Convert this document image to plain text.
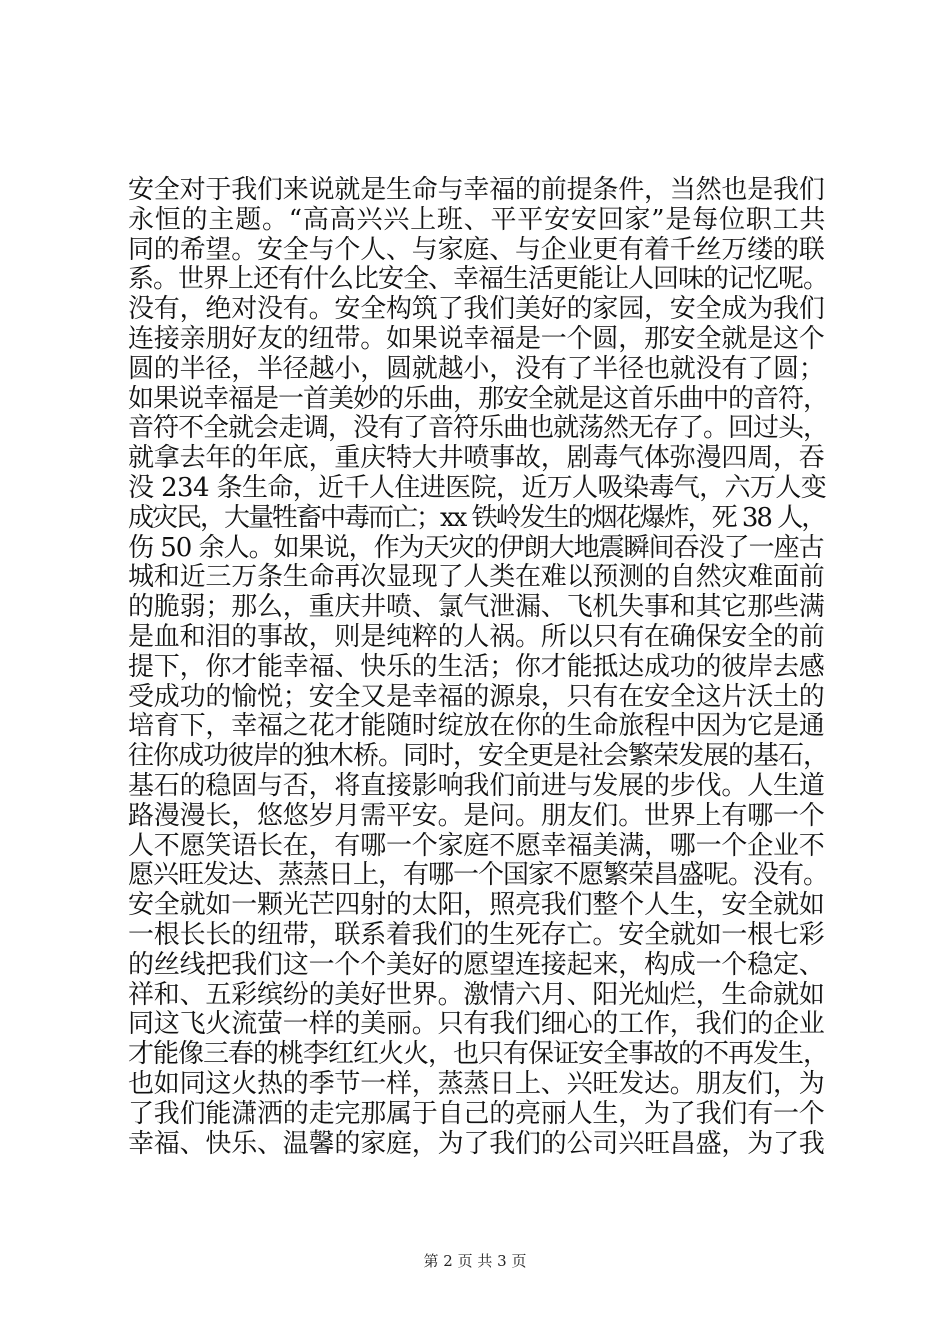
安全对于我们来说就是生命与幸福的前提条件，当然也是我们
永恒的主题。“高高兴兴上班、平平安安回家”是每位职工共
同的希望。安全与个人、与家庭、与企业更有着千丝万缕的联
系。世界上还有什么比安全、幸福生活更能让人回味的记忆呢。
没有，绝对没有。安全构筑了我们美好的家园，安全成为我们
连接亲朋好友的纽带。如果说幸福是一个圆，那安全就是这个
圆的半径，半径越小，圆就越小，没有了半径也就没有了圆；
如果说幸福是一首美妙的乐曲，那安全就是这首乐曲中的音符，
音符不全就会走调，没有了音符乐曲也就荡然无存了。回过头，
就拿去年的年底，重庆特大井喷事故，剧毒气体弥漫四周，吞
没 234 条生命，近千人住进医院，近万人吸染毒气，六万人变
成灾民，大量牲畜中毒而亡；xx 铁岭发生的烟花爆炸，死 38 人，
伤 50 余人。如果说，作为天灾的伊朗大地震瞬间吞没了一座古
城和近三万条生命再次显现了人类在难以预测的自然灾难面前
的脆弱；那么，重庆井喷、氯气泄漏、飞机失事和其它那些满
是血和泪的事故，则是纯粹的人祸。所以只有在确保安全的前
提下，你才能幸福、快乐的生活；你才能抵达成功的彼岸去感
受成功的愉悦；安全又是幸福的源泉，只有在安全这片沃土的
培育下，幸福之花才能随时绽放在你的生命旅程中因为它是通
往你成功彼岸的独木桥。同时，安全更是社会繁荣发展的基石，
基石的稳固与否，将直接影响我们前进与发展的步伐。人生道
路漫漫长，悠悠岁月需平安。是问。朋友们。世界上有哪一个
人不愿笑语长在，有哪一个家庭不愿幸福美满，哪一个企业不
愿兴旺发达、蒸蒸日上，有哪一个国家不愿繁荣昌盛呢。没有。
安全就如一颗光芒四射的太阳，照亮我们整个人生，安全就如
一根长长的纽带，联系着我们的生死存亡。安全就如一根七彩
的丝线把我们这一个个美好的愿望连接起来，构成一个稳定、
祥和、五彩缤纷的美好世界。激情六月、阳光灿烂，生命就如
同这飞火流萤一样的美丽。只有我们细心的工作，我们的企业
才能像三春的桃李红红火火，也只有保证安全事故的不再发生，
也如同这火热的季节一样，蒸蒸日上、兴旺发达。朋友们，为
了我们能潇洒的走完那属于自己的亮丽人生，为了我们有一个
幸福、快乐、温馨的家庭，为了我们的公司兴旺昌盛，为了我
第 2 页 共 3 页
